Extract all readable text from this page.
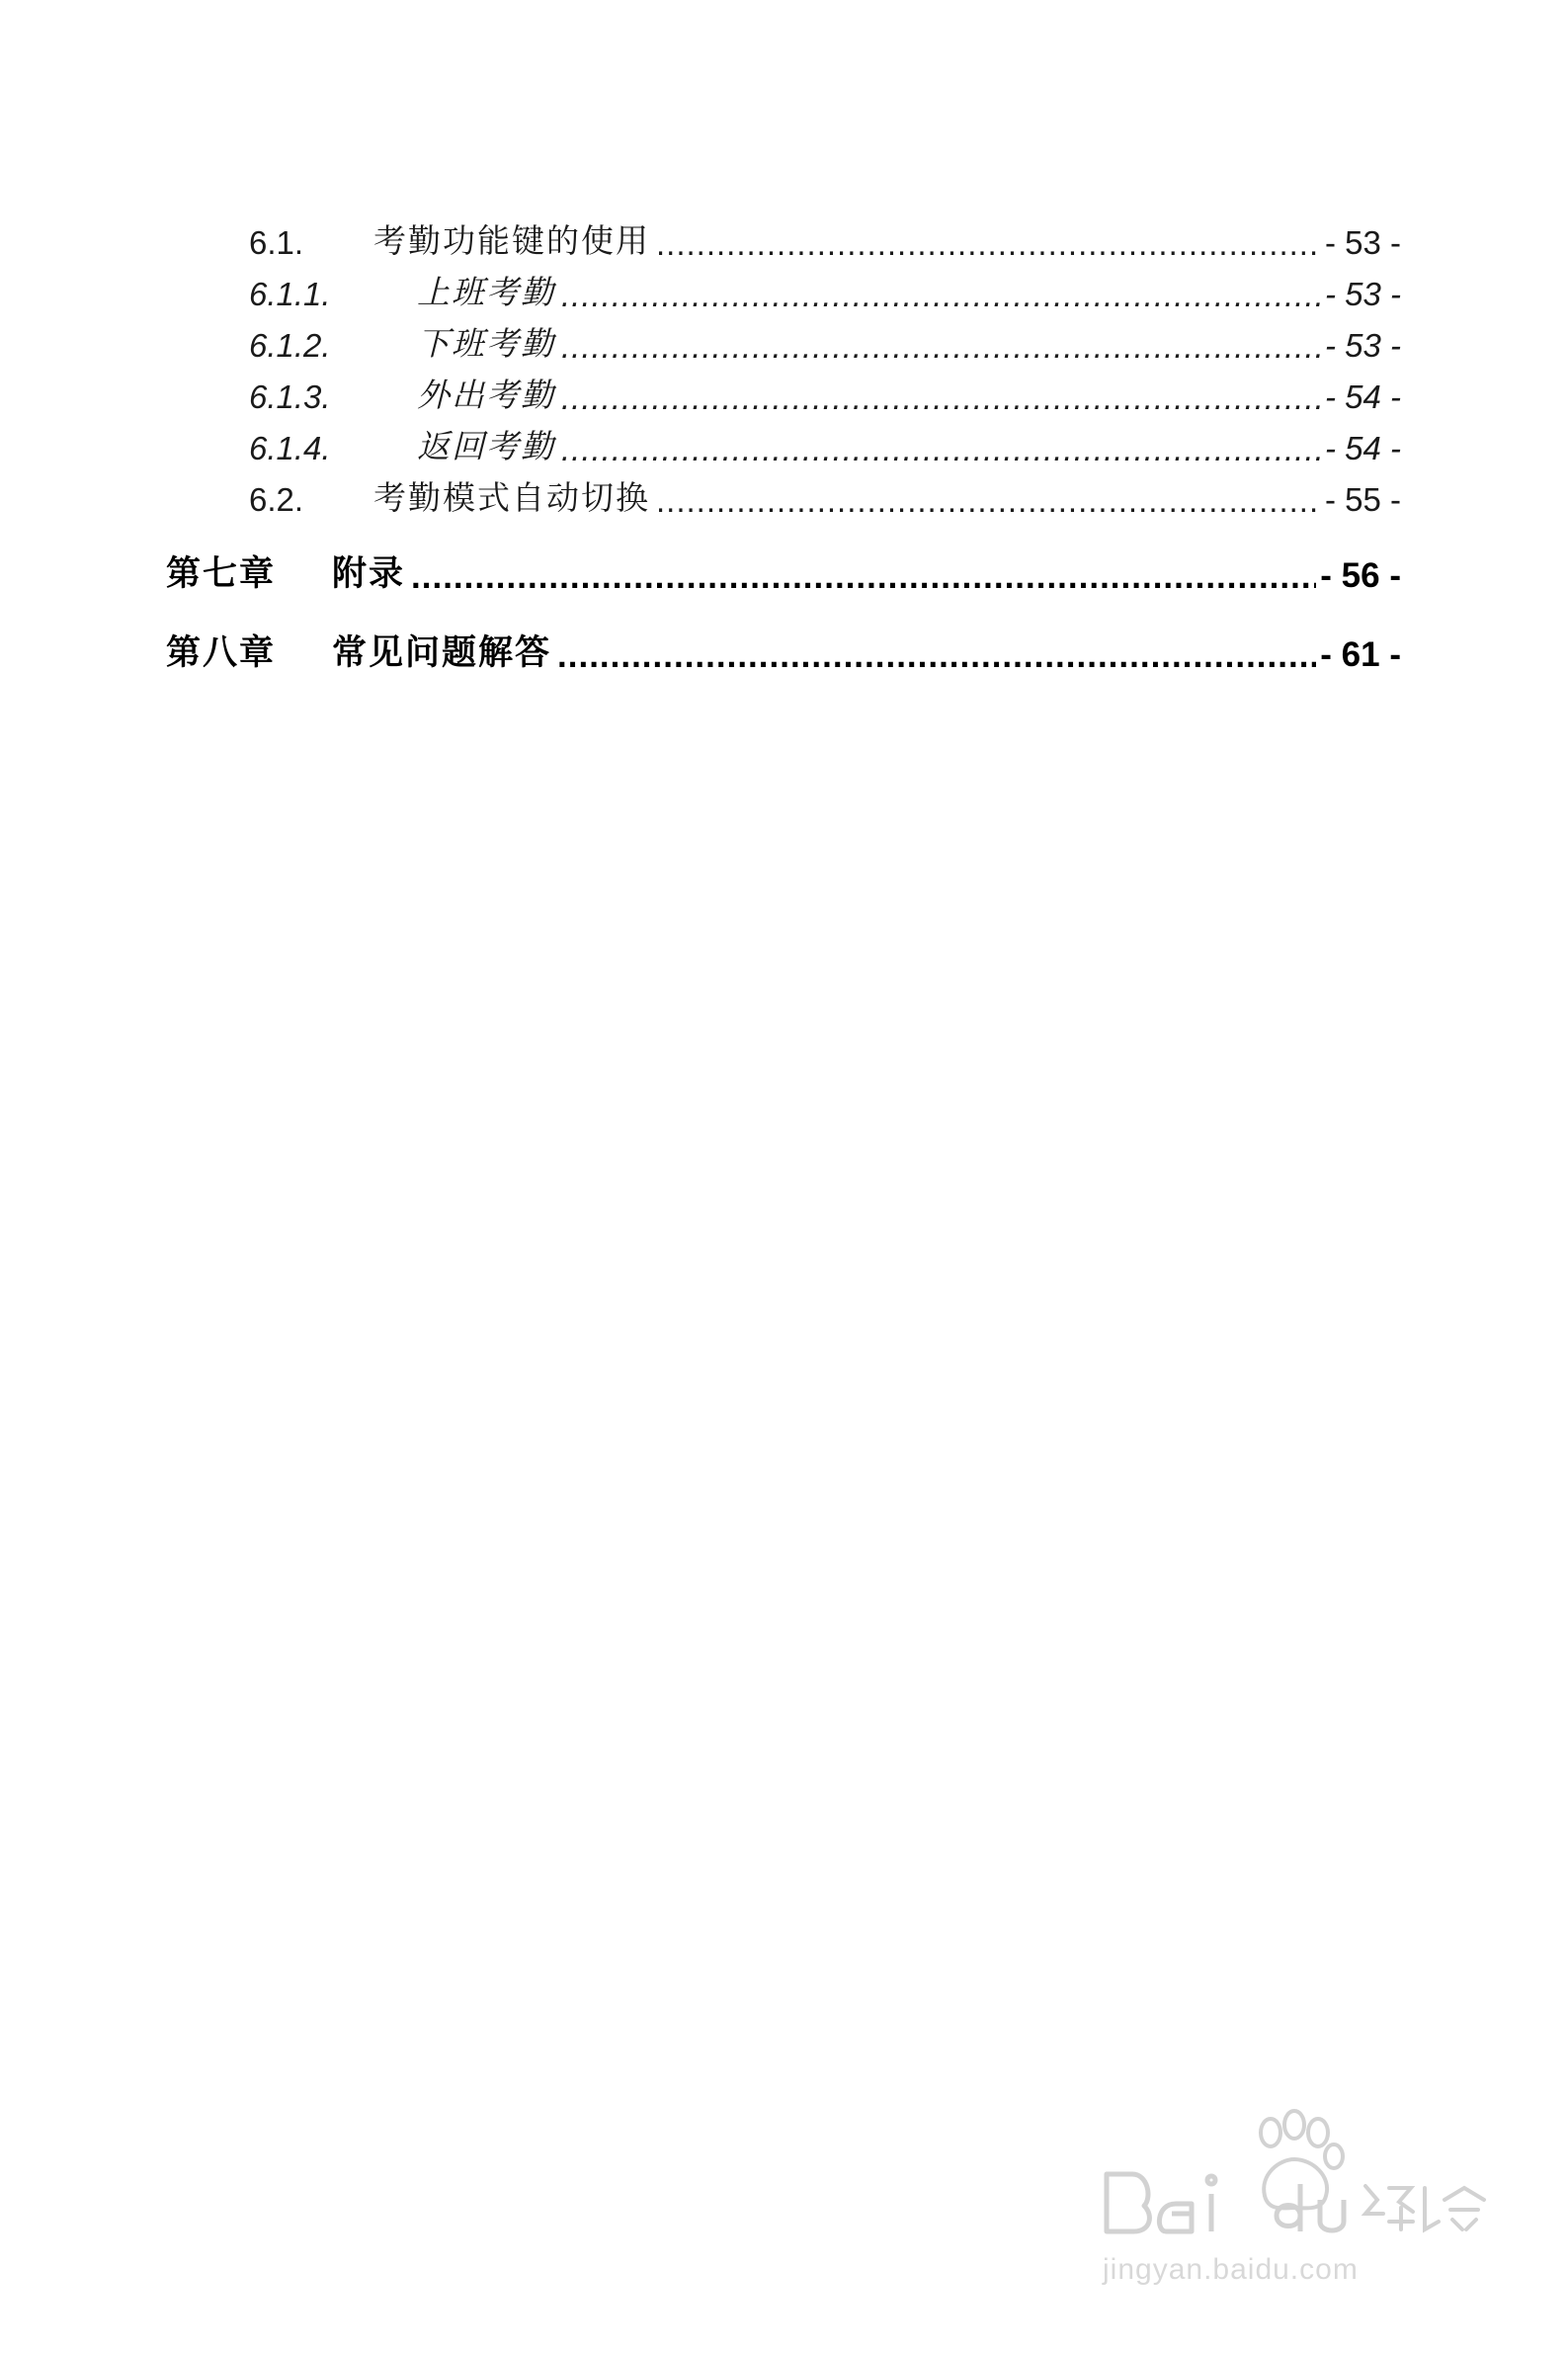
6.1.	考勤功能键的使用 .....	- 53 -
6.1.1.	上班考勤 .....	- 53 -
6.1.2.	下班考勤 .....	- 53 -
6.1.3.	外出考勤 .....	- 54 -
6.1.4.	返回考勤 .....	- 54 -
6.2.	考勤模式自动切换 .....	- 55 -
第七章	附录 .....	- 56 -
第八章	常见问题解答 .....	- 61 -
jingyan.baidu.com
